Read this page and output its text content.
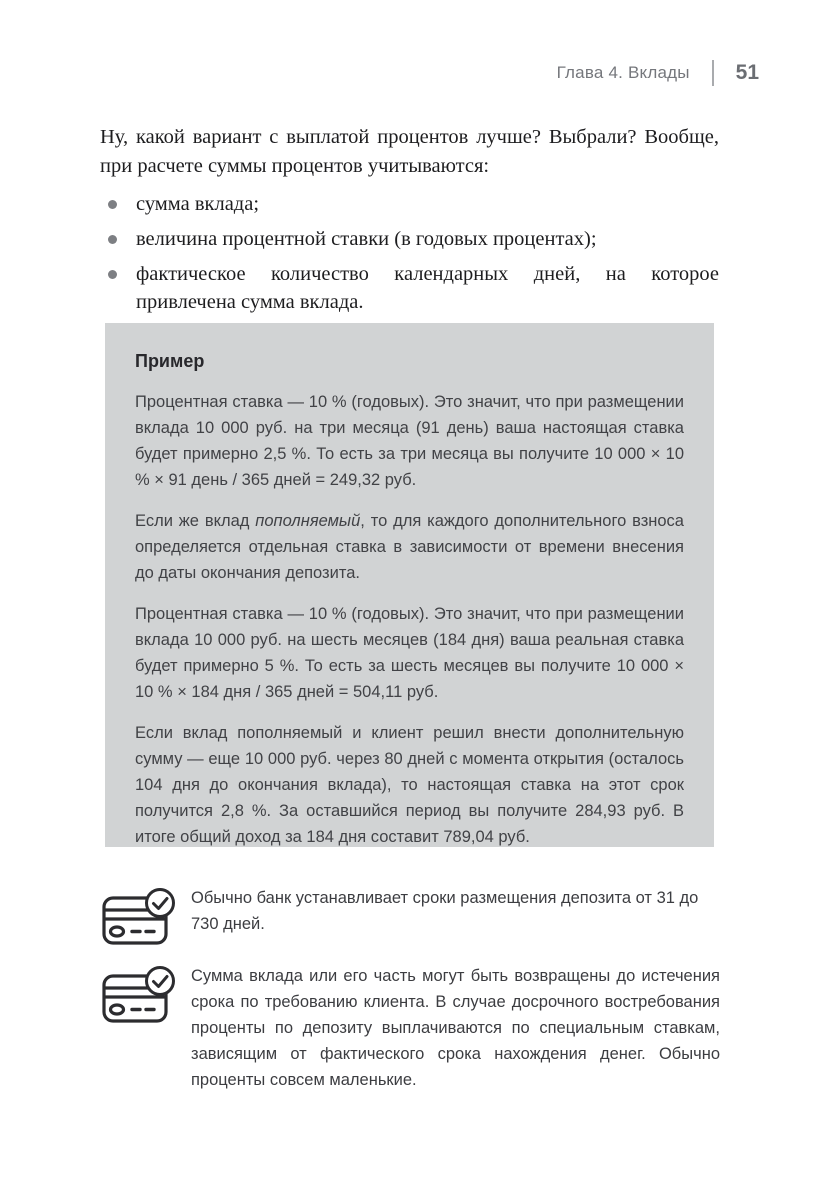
Глава 4. Вклады 51

Ну, какой вариант с выплатой процентов лучше? Выбрали? Вообще, при расчете суммы процентов учитываются:

сумма вклада;
величина процентной ставки (в годовых процентах);
фактическое количество календарных дней, на которое привлечена сумма вклада.
Пример

Процентная ставка — 10 % (годовых). Это значит, что при размещении вклада 10 000 руб. на три месяца (91 день) ваша настоящая ставка будет примерно 2,5 %. То есть за три месяца вы получите 10 000 × 10 % × 91 день / 365 дней = 249,32 руб.

Если же вклад пополняемый, то для каждого дополнительного взноса определяется отдельная ставка в зависимости от времени внесения до даты окончания депозита.

Процентная ставка — 10 % (годовых). Это значит, что при размещении вклада 10 000 руб. на шесть месяцев (184 дня) ваша реальная ставка будет примерно 5 %. То есть за шесть месяцев вы получите 10 000 × 10 % × 184 дня / 365 дней = 504,11 руб.

Если вклад пополняемый и клиент решил внести дополнительную сумму — еще 10 000 руб. через 80 дней с момента открытия (осталось 104 дня до окончания вклада), то настоящая ставка на этот срок получится 2,8 %. За оставшийся период вы получите 284,93 руб. В итоге общий доход за 184 дня составит 789,04 руб.

Обычно банк устанавливает сроки размещения депозита от 31 до 730 дней.
Сумма вклада или его часть могут быть возвращены до истечения срока по требованию клиента. В случае досрочного востребования проценты по депозиту выплачиваются по специальным ставкам, зависящим от фактического срока нахождения денег. Обычно проценты совсем маленькие.
